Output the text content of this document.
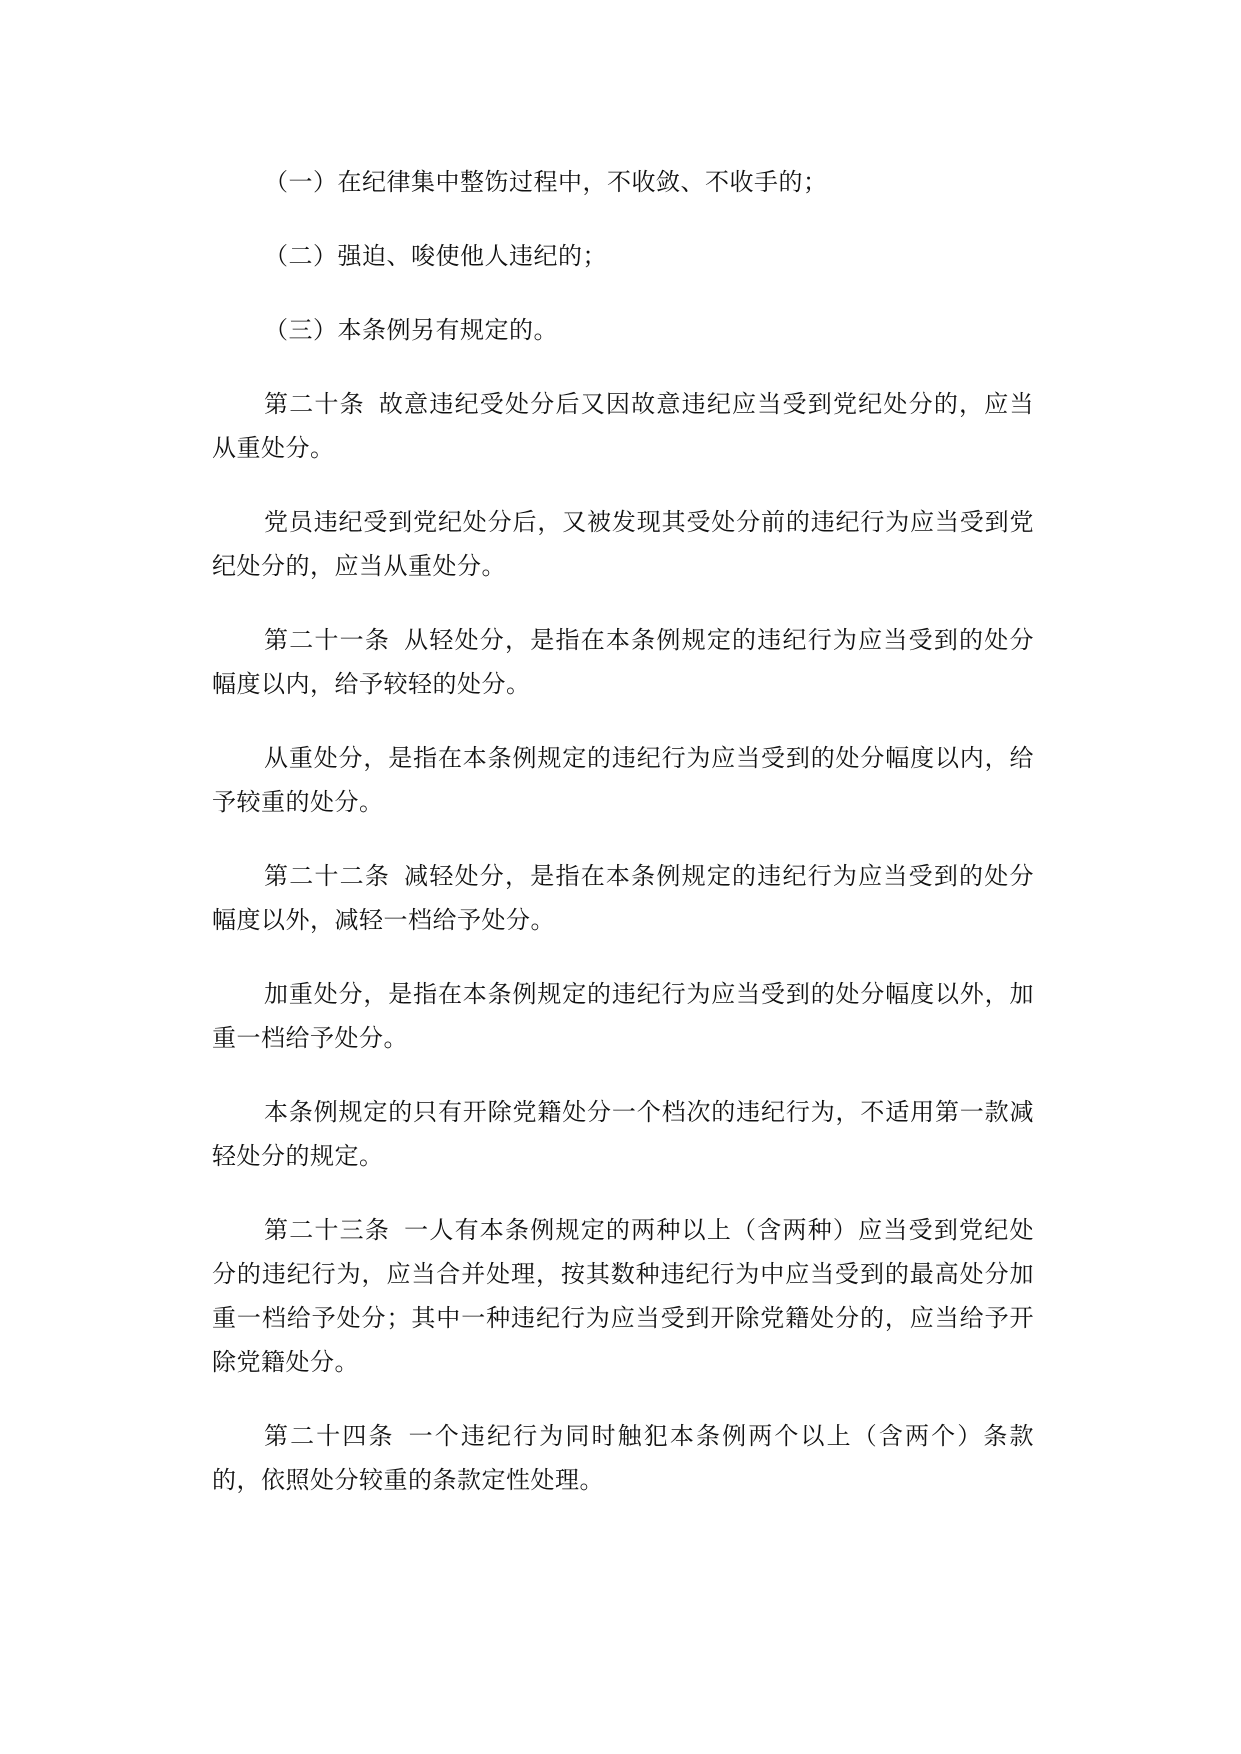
（一）在纪律集中整饬过程中，不收敛、不收手的；

（二）强迫、唆使他人违纪的；

（三）本条例另有规定的。

第二十条 故意违纪受处分后又因故意违纪应当受到党纪处分的，应当从重处分。

党员违纪受到党纪处分后，又被发现其受处分前的违纪行为应当受到党纪处分的，应当从重处分。

第二十一条 从轻处分，是指在本条例规定的违纪行为应当受到的处分幅度以内，给予较轻的处分。

从重处分，是指在本条例规定的违纪行为应当受到的处分幅度以内，给予较重的处分。

第二十二条 减轻处分，是指在本条例规定的违纪行为应当受到的处分幅度以外，减轻一档给予处分。

加重处分，是指在本条例规定的违纪行为应当受到的处分幅度以外，加重一档给予处分。

本条例规定的只有开除党籍处分一个档次的违纪行为，不适用第一款减轻处分的规定。

第二十三条 一人有本条例规定的两种以上（含两种）应当受到党纪处分的违纪行为，应当合并处理，按其数种违纪行为中应当受到的最高处分加重一档给予处分；其中一种违纪行为应当受到开除党籍处分的，应当给予开除党籍处分。

第二十四条 一个违纪行为同时触犯本条例两个以上（含两个）条款的，依照处分较重的条款定性处理。
